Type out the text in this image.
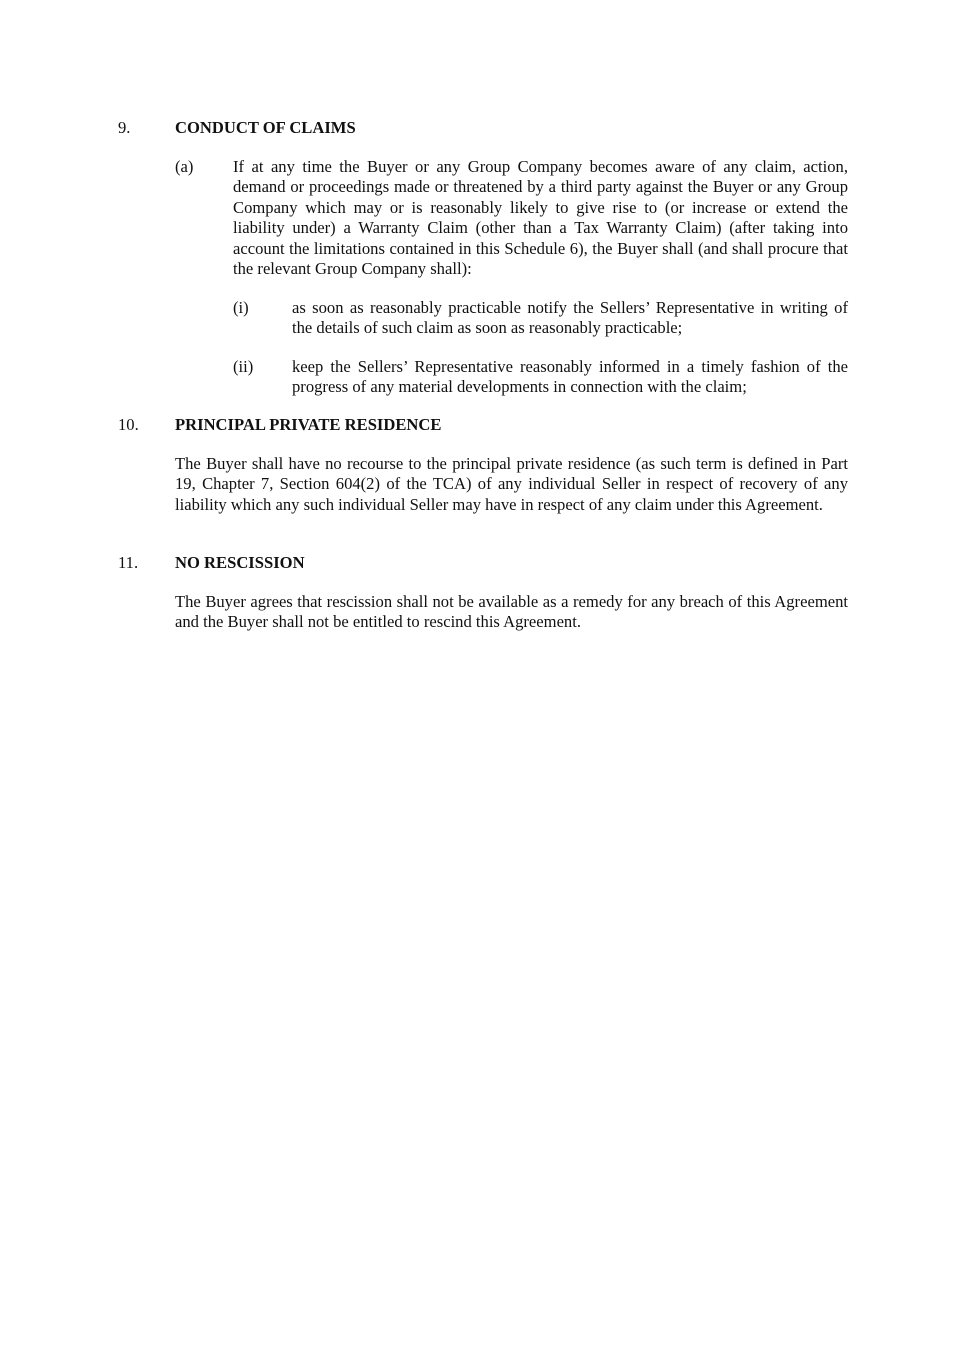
9.	CONDUCT OF CLAIMS
(a) If at any time the Buyer or any Group Company becomes aware of any claim, action, demand or proceedings made or threatened by a third party against the Buyer or any Group Company which may or is reasonably likely to give rise to (or increase or extend the liability under) a Warranty Claim (other than a Tax Warranty Claim) (after taking into account the limitations contained in this Schedule 6), the Buyer shall (and shall procure that the relevant Group Company shall):

(i)	as soon as reasonably practicable notify the Sellers’ Representative in writing of the details of such claim as soon as reasonably practicable;

(ii) keep the Sellers’ Representative reasonably informed in a timely fashion of the progress of any material developments in connection with the claim;

10. PRINCIPAL PRIVATE RESIDENCE

The Buyer shall have no recourse to the principal private residence (as such term is defined in Part 19, Chapter 7, Section 604(2) of the TCA) of any individual Seller in respect of recovery of any liability which any such individual Seller may have in respect of any claim under this Agreement.

11. NO RESCISSION

The Buyer agrees that rescission shall not be available as a remedy for any breach of this Agreement and the Buyer shall not be entitled to rescind this Agreement.
